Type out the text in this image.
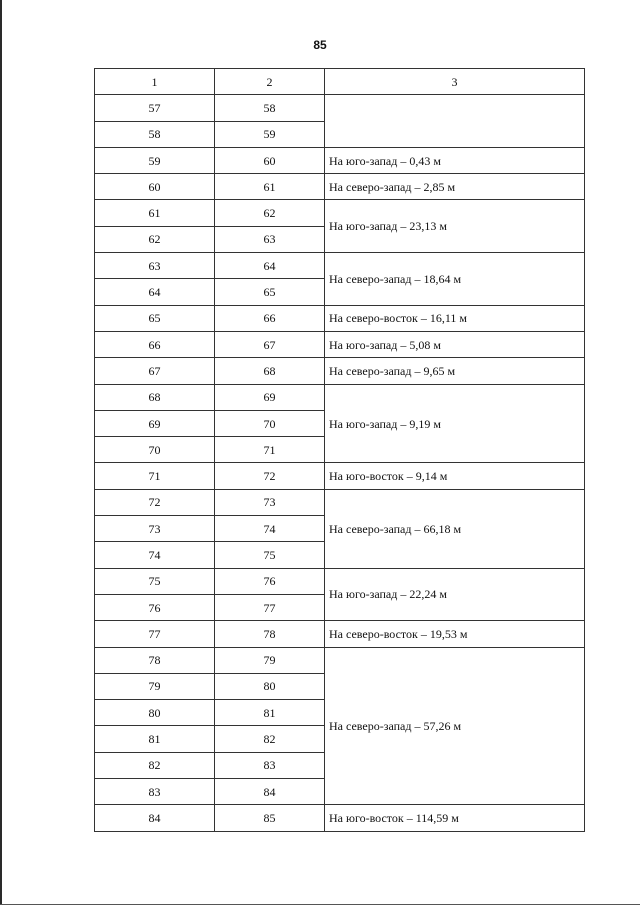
85
1	2	3
57	58	
58	59	
59	60	На юго-запад – 0,43 м
60	61	На северо-запад – 2,85 м
61	62	На юго-запад – 23,13 м
62	63	
63	64	На северо-запад – 18,64 м
64	65	
65	66	На северо-восток – 16,11 м
66	67	На юго-запад – 5,08 м
67	68	На северо-запад – 9,65 м
68	69	На юго-запад – 9,19 м
69	70	
70	71	
71	72	На юго-восток – 9,14 м
72	73	На северо-запад – 66,18 м
73	74	
74	75	
75	76	На юго-запад – 22,24 м
76	77	
77	78	На северо-восток – 19,53 м
78	79	На северо-запад – 57,26 м
79	80	
80	81	
81	82	
82	83	
83	84	
84	85	На юго-восток – 114,59 м
